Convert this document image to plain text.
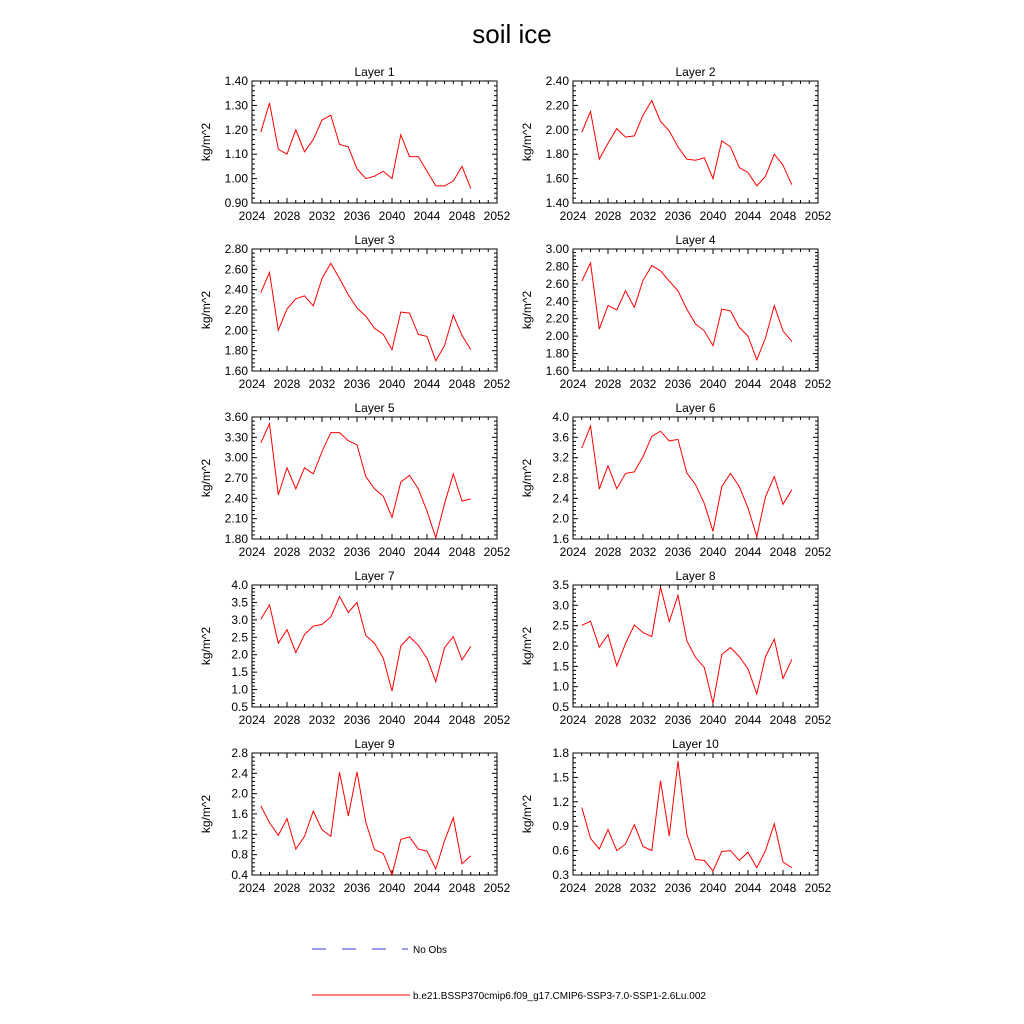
soil ice
Layer 1
2024 2028 2032 2036 2040 2044 2048 2052
0.90
1.00
1.10
1.20
1.30
1.40
kg/m^2
Layer 2
2024 2028 2032 2036 2040 2044 2048 2052
1.40
1.60
1.80
2.00
2.20
2.40
kg/m^2
Layer 3
2024 2028 2032 2036 2040 2044 2048 2052
1.60
1.80
2.00
2.20
2.40
2.60
2.80
kg/m^2
Layer 4
2024 2028 2032 2036 2040 2044 2048 2052
1.60
1.80
2.00
2.20
2.40
2.60
2.80
3.00
kg/m^2
Layer 5
2024 2028 2032 2036 2040 2044 2048 2052
1.80
2.10
2.40
2.70
3.00
3.30
3.60
kg/m^2
Layer 6
2024 2028 2032 2036 2040 2044 2048 2052
1.6
2.0
2.4
2.8
3.2
3.6
4.0
kg/m^2
Layer 7
2024 2028 2032 2036 2040 2044 2048 2052
0.5
1.0
1.5
2.0
2.5
3.0
3.5
4.0
kg/m^2
Layer 8
2024 2028 2032 2036 2040 2044 2048 2052
0.5
1.0
1.5
2.0
2.5
3.0
3.5
kg/m^2
Layer 9
2024 2028 2032 2036 2040 2044 2048 2052
0.4
0.8
1.2
1.6
2.0
2.4
2.8
kg/m^2
Layer 10
2024 2028 2032 2036 2040 2044 2048 2052
0.3
0.6
0.9
1.2
1.5
1.8
kg/m^2
No Obs
b.e21.BSSP370cmip6.f09_g17.CMIP6-SSP3-7.0-SSP1-2.6Lu.002
